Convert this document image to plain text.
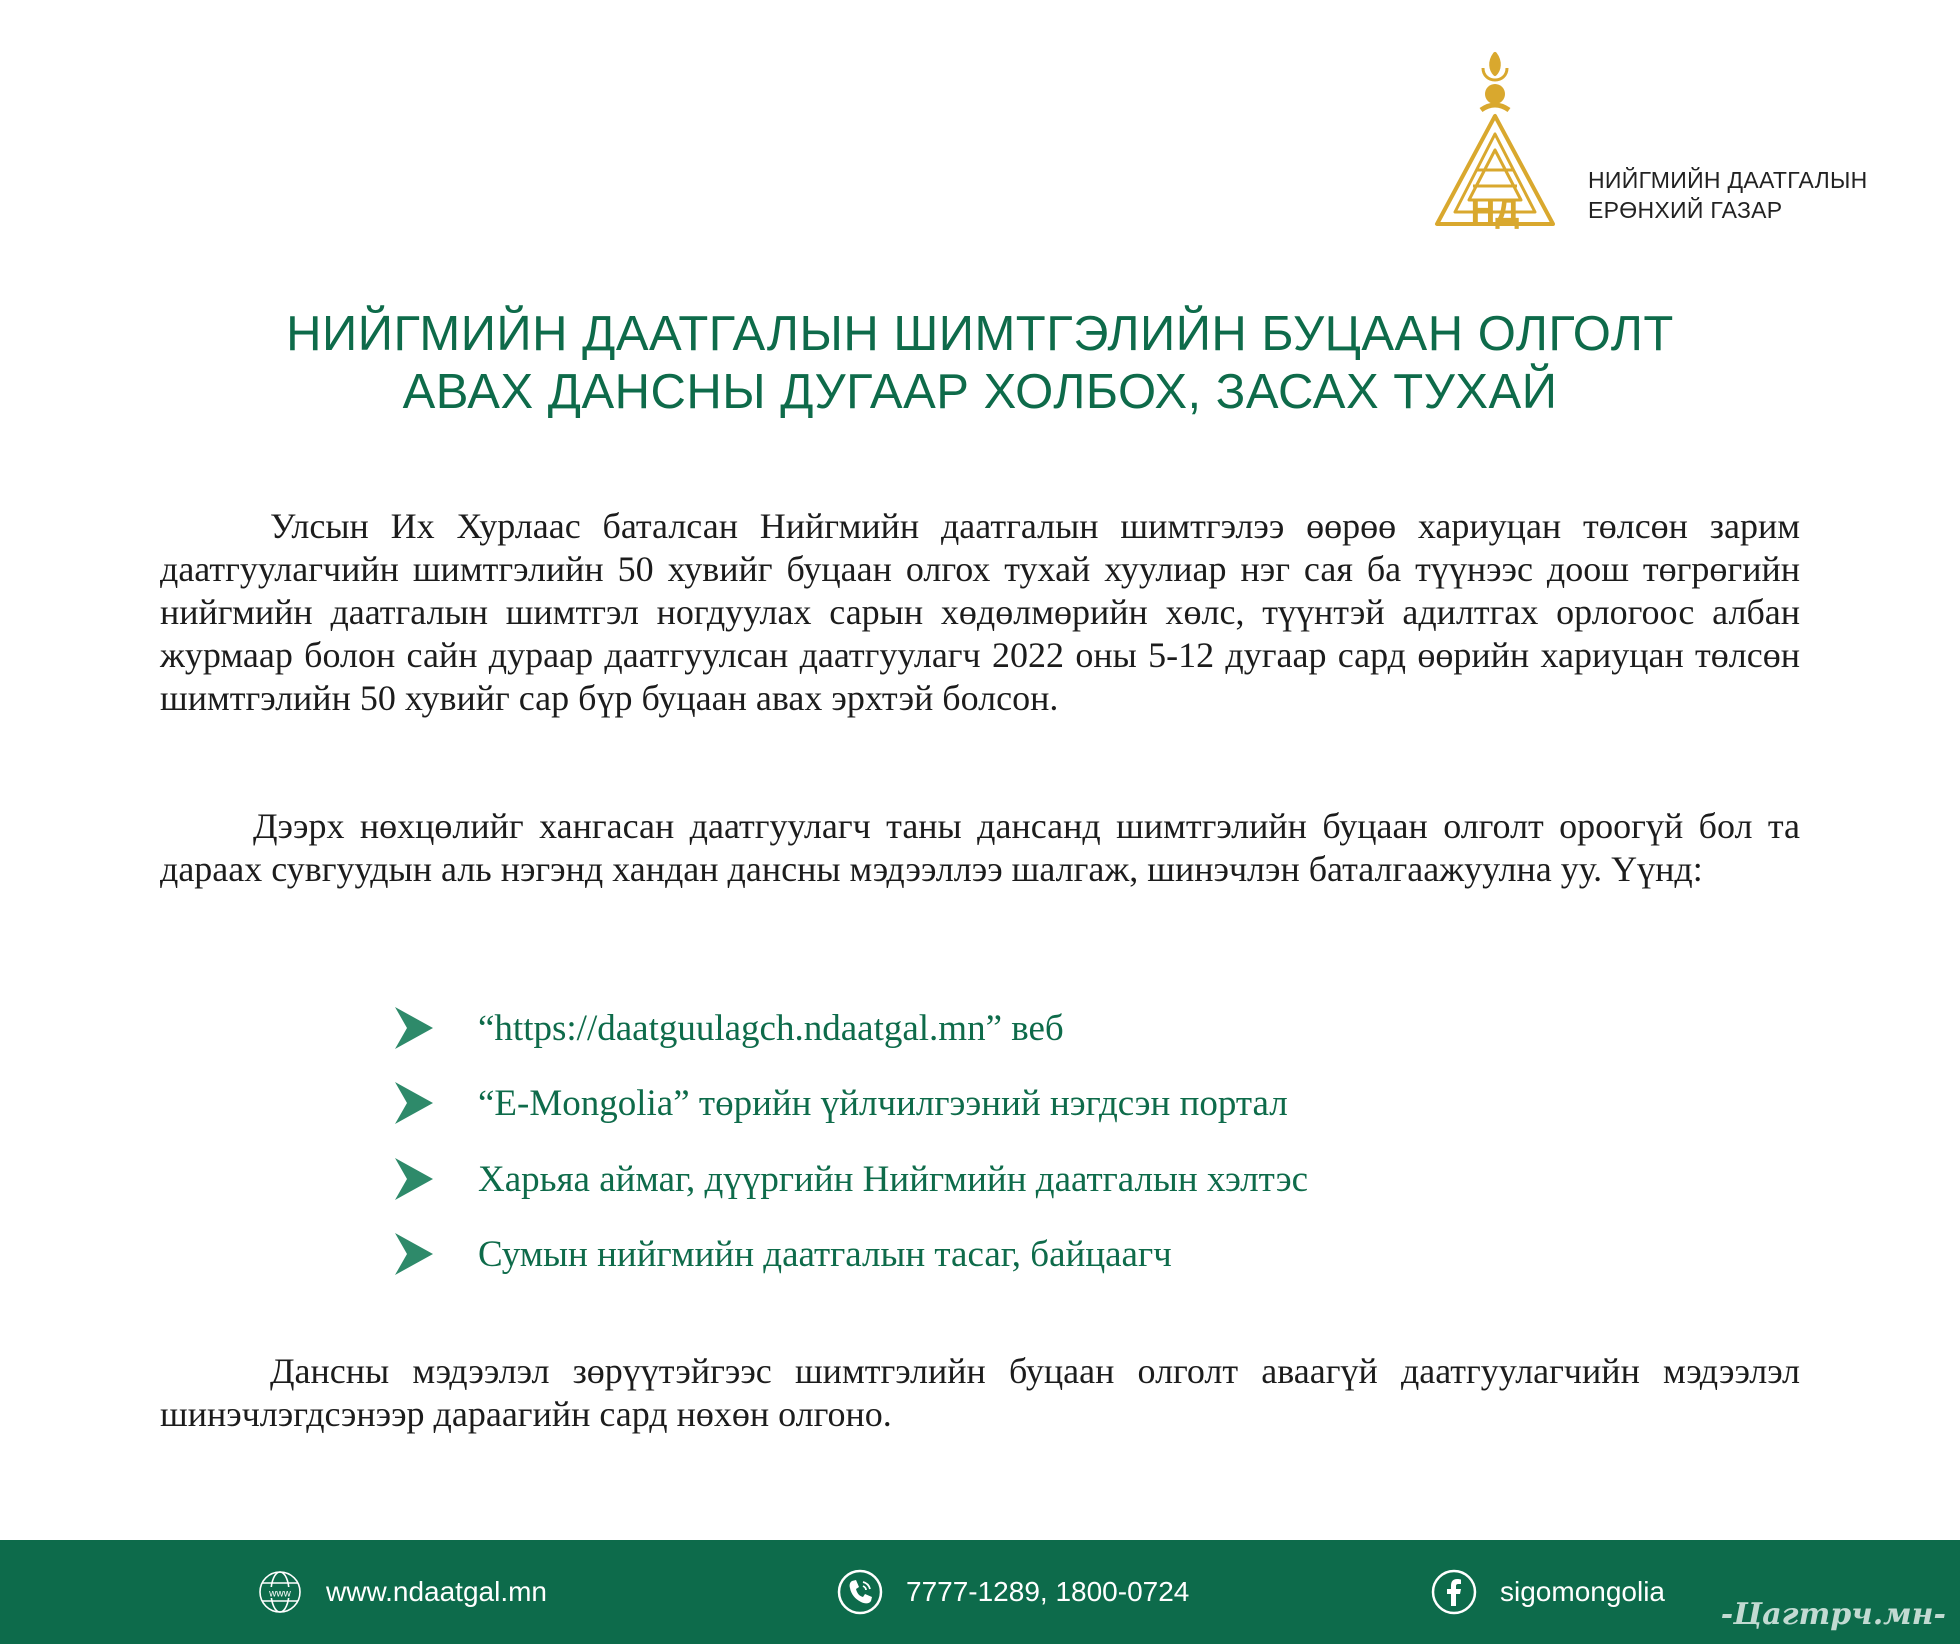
НД
НИЙГМИЙН ДААТГАЛЫН
ЕРӨНХИЙ ГАЗАР
НИЙГМИЙН ДААТГАЛЫН ШИМТГЭЛИЙН БУЦААН ОЛГОЛТ
АВАХ ДАНСНЫ ДУГААР ХОЛБОХ, ЗАСАХ ТУХАЙ

Улсын Их Хурлаас баталсан Нийгмийн даатгалын шимтгэлээ өөрөө хариуцан төлсөн зарим даатгуулагчийн шимтгэлийн 50 хувийг буцаан олгох тухай хуулиар нэг сая ба түүнээс доош төгрөгийн нийгмийн даатгалын шимтгэл ногдуулах сарын хөдөлмөрийн хөлс, түүнтэй адилтгах орлогоос албан журмаар болон сайн дураар даатгуулсан даатгуулагч 2022 оны 5-12 дугаар сард өөрийн хариуцан төлсөн шимтгэлийн 50 хувийг сар бүр буцаан авах эрхтэй болсон.

Дээрх нөхцөлийг хангасан даатгуулагч таны дансанд шимтгэлийн буцаан олголт ороогүй бол та дараах сувгуудын аль нэгэнд хандан дансны мэдээллээ шалгаж, шинэчлэн баталгаажуулна уу. Үүнд:

“https://daatguulagch.ndaatgal.mn” веб
“E-Mongolia” төрийн үйлчилгээний нэгдсэн портал
Харьяа аймаг, дүүргийн Нийгмийн даатгалын хэлтэс
Сумын нийгмийн даатгалын тасаг, байцаагч

Дансны мэдээлэл зөрүүтэйгээс шимтгэлийн буцаан олголт аваагүй даатгуулагчийн мэдээлэл шинэчлэгдсэнээр дараагийн сард нөхөн олгоно.

www www.ndaatgal.mn	7777-1289, 1800-0724	sigomongolia
-Цагтрч.мн-
